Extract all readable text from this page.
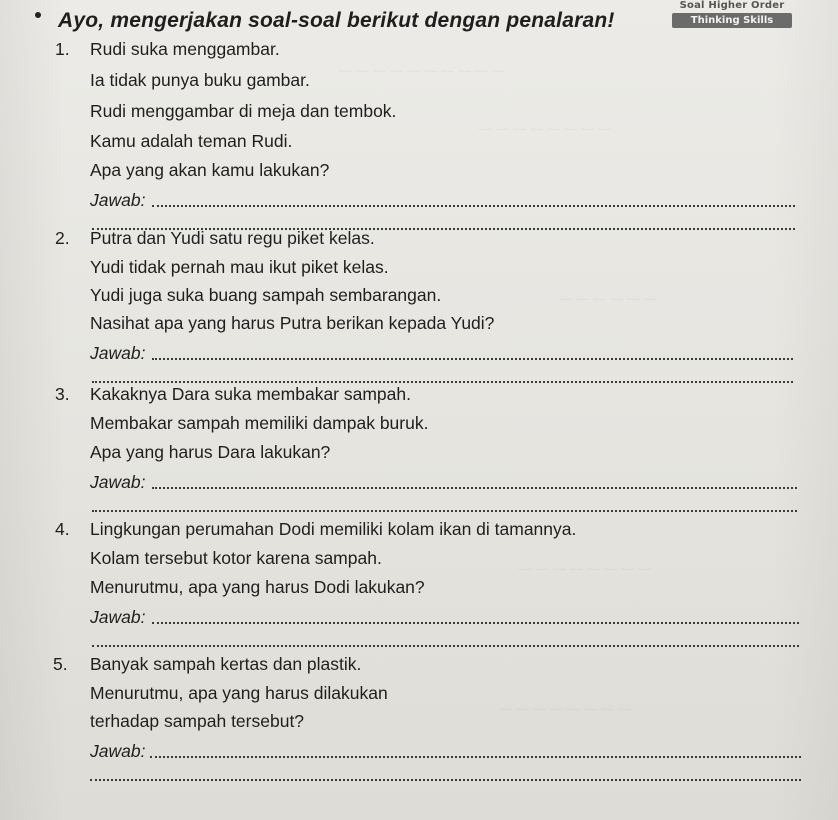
ㅡ ㅡ ㅡ ㅡ ㅡ ㅡ ㅡ ㅡ ㅡ ㅡ
ㅡ ㅡ ㅡ ㅡ ㅡ ㅡ ㅡ ㅡ
ㅡ ㅡ ㅡ ㅡ ㅡ ㅡ
ㅡ ㅡ ㅡ ㅡ ㅡ ㅡ ㅡ ㅡ
ㅡ ㅡ ㅡ ㅡ ㅡ ㅡ ㅡ ㅡ
Ayo, mengerjakan soal-soal berikut dengan penalaran!
Soal Higher Order
Thinking Skills
1. Rudi suka menggambar.
Ia tidak punya buku gambar.
Rudi menggambar di meja dan tembok.
Kamu adalah teman Rudi.
Apa yang akan kamu lakukan?
Jawab:
2. Putra dan Yudi satu regu piket kelas.
Yudi tidak pernah mau ikut piket kelas.
Yudi juga suka buang sampah sembarangan.
Nasihat apa yang harus Putra berikan kepada Yudi?
Jawab:
3. Kakaknya Dara suka membakar sampah.
Membakar sampah memiliki dampak buruk.
Apa yang harus Dara lakukan?
Jawab:
4. Lingkungan perumahan Dodi memiliki kolam ikan di tamannya.
Kolam tersebut kotor karena sampah.
Menurutmu, apa yang harus Dodi lakukan?
Jawab:
5. Banyak sampah kertas dan plastik.
Menurutmu, apa yang harus dilakukan
terhadap sampah tersebut?
Jawab:
